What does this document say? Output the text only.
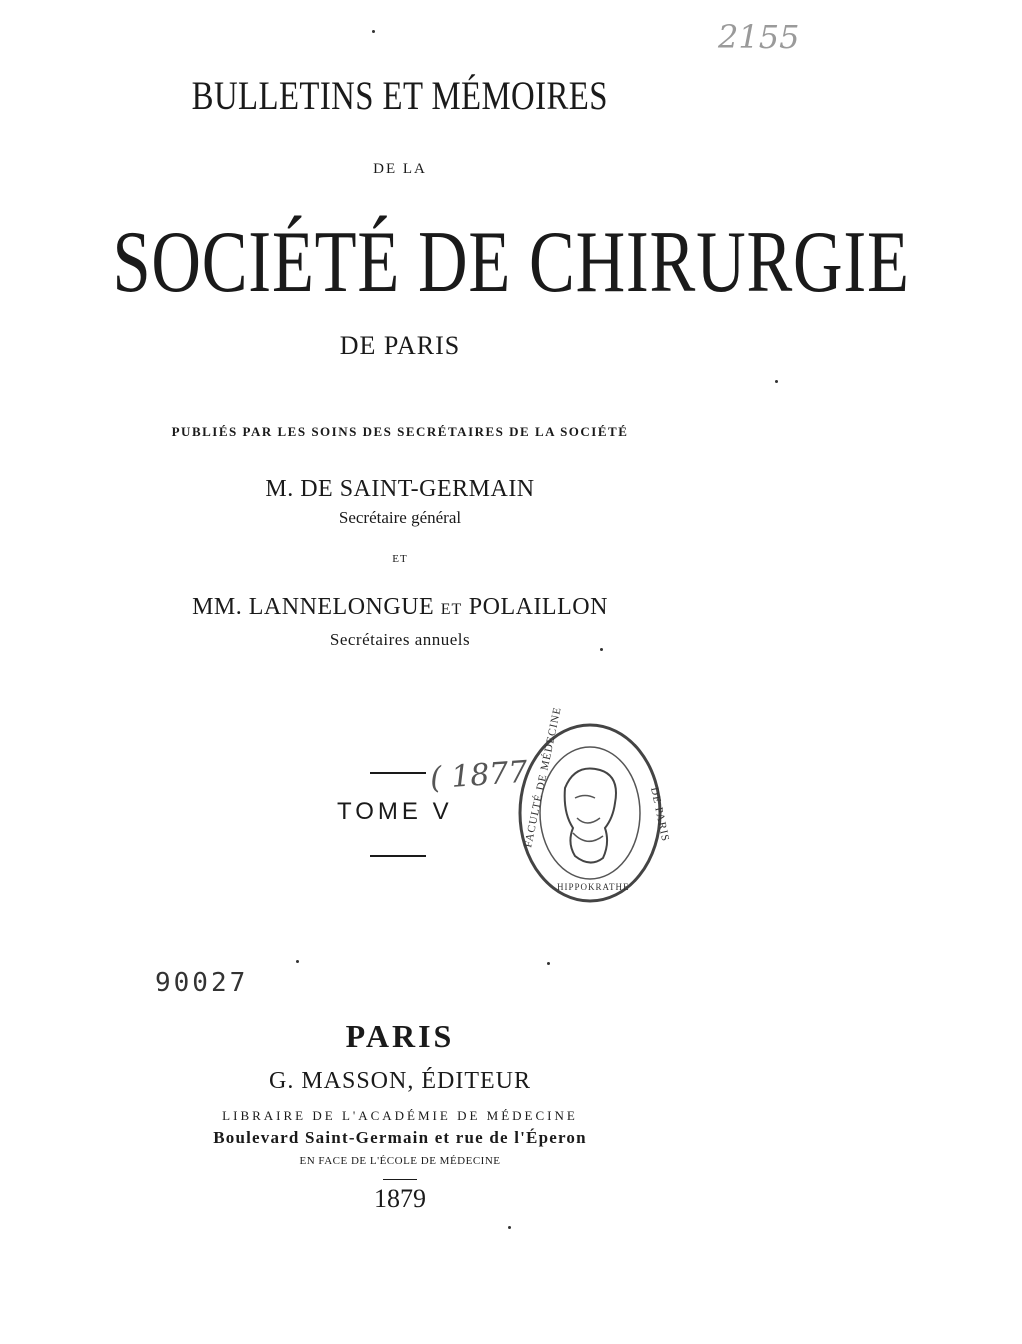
2155
BULLETINS ET MÉMOIRES
DE LA
SOCIÉTÉ DE CHIRURGIE
DE PARIS
PUBLIÉS PAR LES SOINS DES SECRÉTAIRES DE LA SOCIÉTÉ
M. DE SAINT-GERMAIN
Secrétaire général
ET
MM. LANNELONGUE ET POLAILLON
Secrétaires annuels
TOME V
( 1877
FACULTÉ DE MÉDECINE	DE PARIS
HIPPOKRATHE
90027
PARIS
G. MASSON, ÉDITEUR
LIBRAIRE DE L'ACADÉMIE DE MÉDECINE
Boulevard Saint-Germain et rue de l'Éperon
EN FACE DE L'ÉCOLE DE MÉDECINE
1879
